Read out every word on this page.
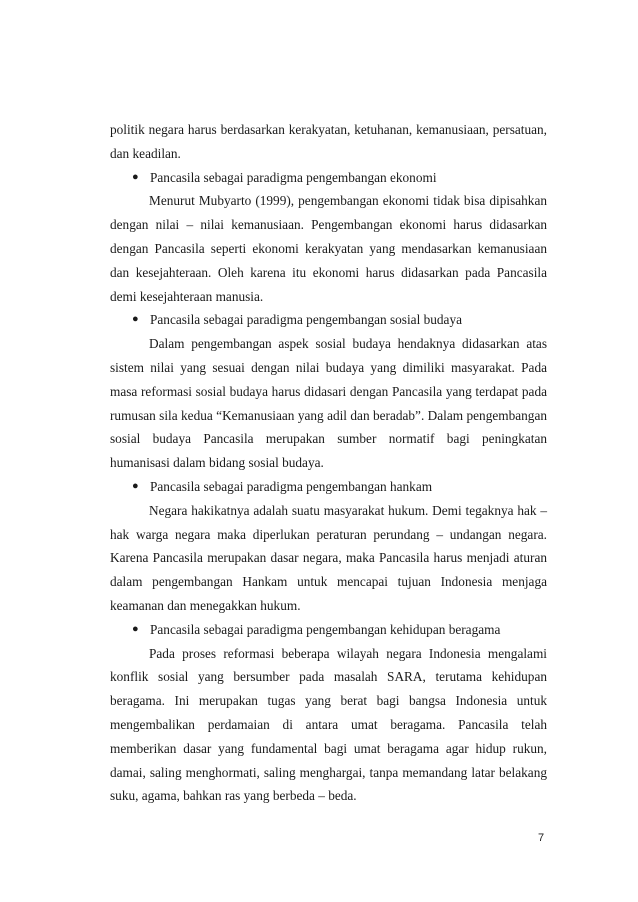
politik negara harus berdasarkan kerakyatan, ketuhanan, kemanusiaan, persatuan, dan keadilan.

● Pancasila sebagai paradigma pengembangan ekonomi

Menurut Mubyarto (1999), pengembangan ekonomi tidak bisa dipisahkan dengan nilai – nilai kemanusiaan. Pengembangan ekonomi harus didasarkan dengan Pancasila seperti ekonomi kerakyatan yang mendasarkan kemanusiaan dan kesejahteraan. Oleh karena itu ekonomi harus didasarkan pada Pancasila demi kesejahteraan manusia.

● Pancasila sebagai paradigma pengembangan sosial budaya

Dalam pengembangan aspek sosial budaya hendaknya didasarkan atas sistem nilai yang sesuai dengan nilai budaya yang dimiliki masyarakat. Pada masa reformasi sosial budaya harus didasari dengan Pancasila yang terdapat pada rumusan sila kedua “Kemanusiaan yang adil dan beradab”. Dalam pengembangan sosial budaya Pancasila merupakan sumber normatif bagi peningkatan humanisasi dalam bidang sosial budaya.

● Pancasila sebagai paradigma pengembangan hankam

Negara hakikatnya adalah suatu masyarakat hukum. Demi tegaknya hak – hak warga negara maka diperlukan peraturan perundang – undangan negara. Karena Pancasila merupakan dasar negara, maka Pancasila harus menjadi aturan dalam pengembangan Hankam untuk mencapai tujuan Indonesia menjaga keamanan dan menegakkan hukum.

● Pancasila sebagai paradigma pengembangan kehidupan beragama

Pada proses reformasi beberapa wilayah negara Indonesia mengalami konflik sosial yang bersumber pada masalah SARA, terutama kehidupan beragama. Ini merupakan tugas yang berat bagi bangsa Indonesia untuk mengembalikan perdamaian di antara umat beragama. Pancasila telah memberikan dasar yang fundamental bagi umat beragama agar hidup rukun, damai, saling menghormati, saling menghargai, tanpa memandang latar belakang suku, agama, bahkan ras yang berbeda – beda.

7
